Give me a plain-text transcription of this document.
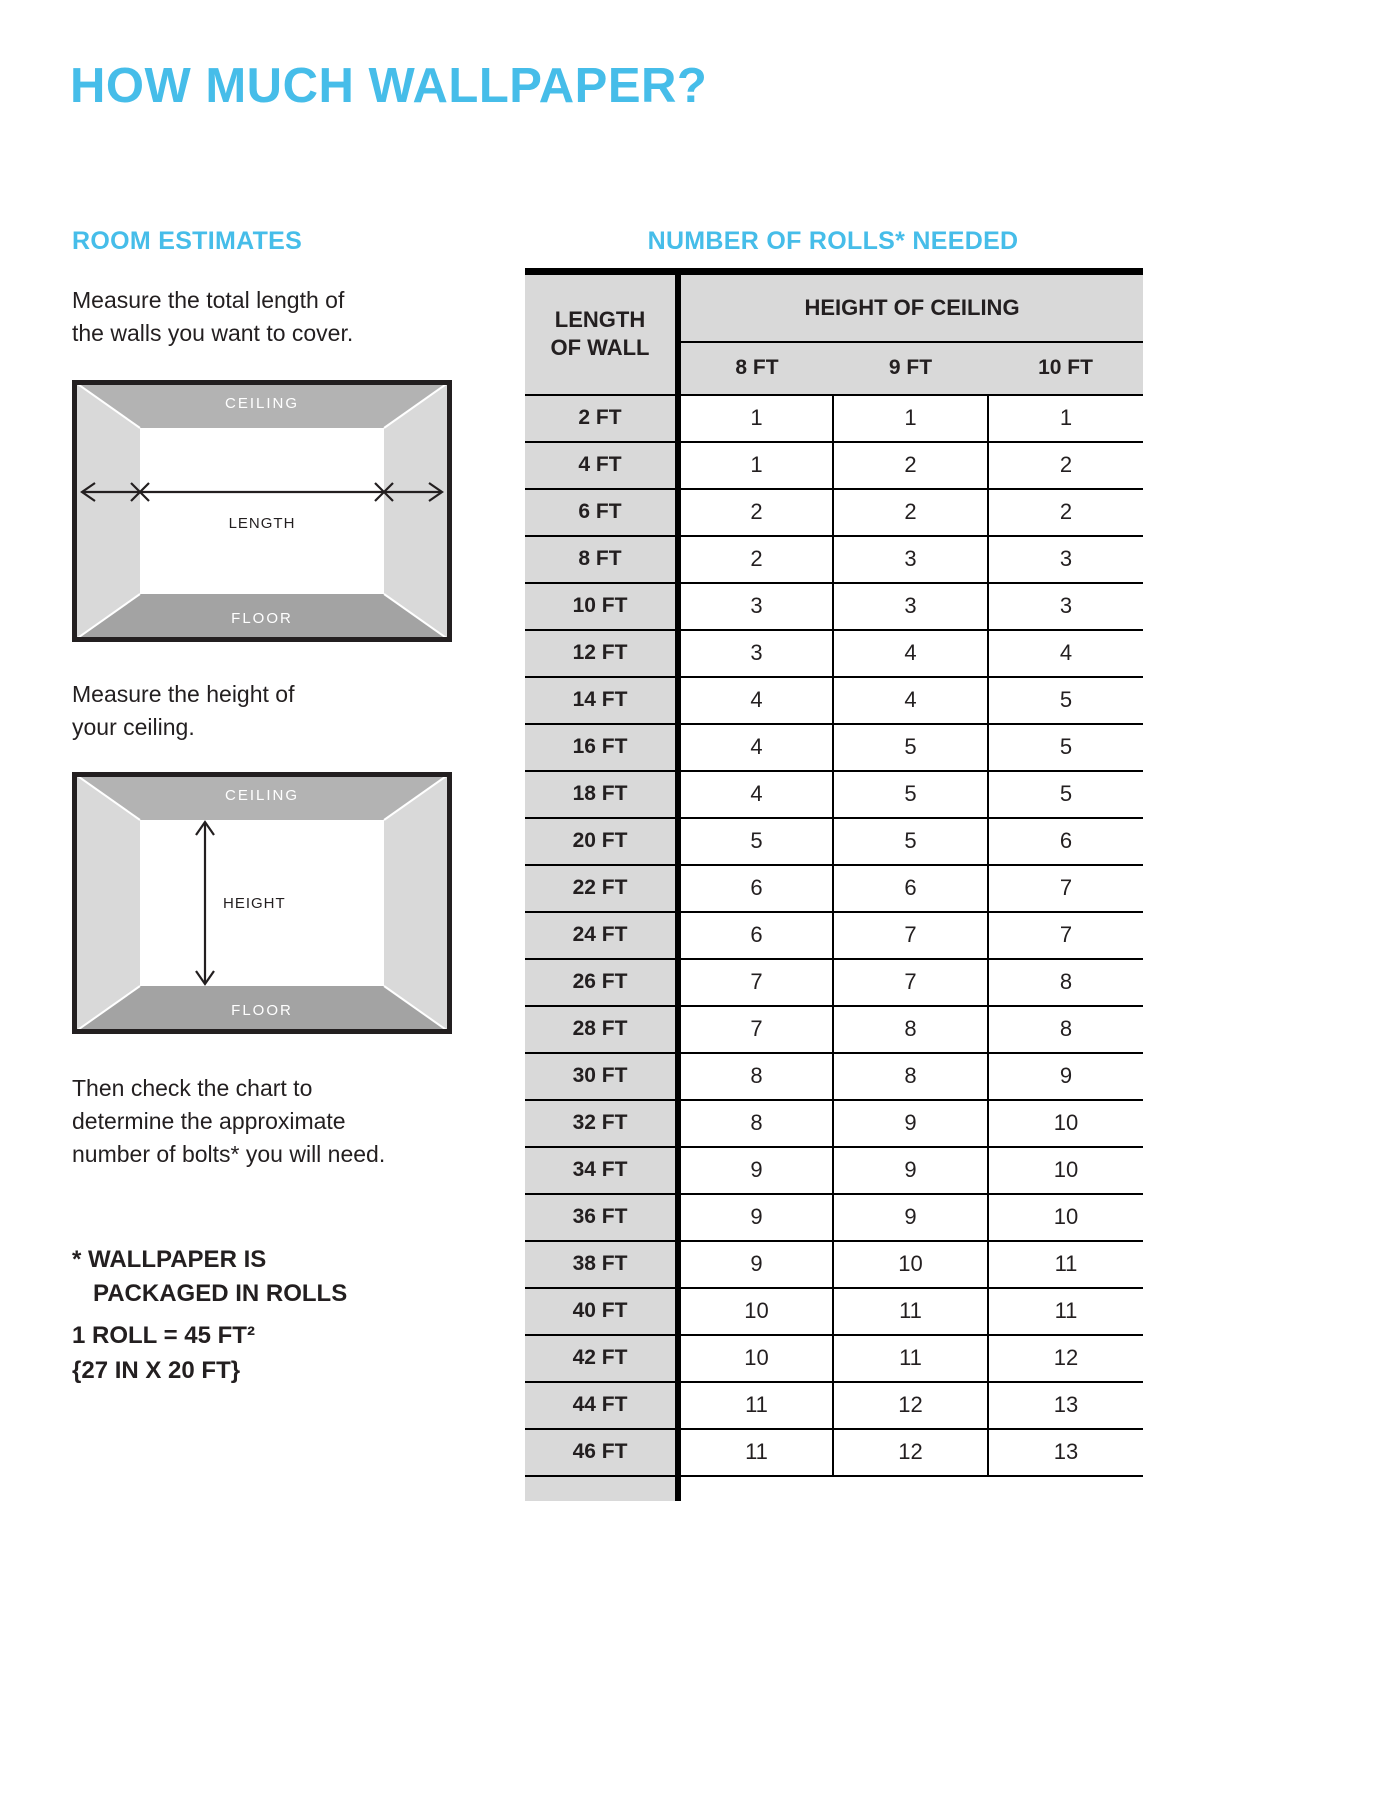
HOW MUCH WALLPAPER?
ROOM ESTIMATES

Measure the total length of
the walls you want to cover.

CEILING
FLOOR
LENGTH

Measure the height of
your ceiling.

CEILING
FLOOR
HEIGHT

Then check the chart to
determine the approximate
number of bolts* you will need.

* WALLPAPER IS
PACKAGED IN ROLLS

1 ROLL = 45 FT²
{27 IN X 20 FT}

NUMBER OF ROLLS* NEEDED
LENGTH
OF WALL	HEIGHT OF CEILING		
	8 FT	9 FT	10 FT
2 FT	1	1	1
4 FT	1	2	2
6 FT	2	2	2
8 FT	2	3	3
10 FT	3	3	3
12 FT	3	4	4
14 FT	4	4	5
16 FT	4	5	5
18 FT	4	5	5
20 FT	5	5	6
22 FT	6	6	7
24 FT	6	7	7
26 FT	7	7	8
28 FT	7	8	8
30 FT	8	8	9
32 FT	8	9	10
34 FT	9	9	10
36 FT	9	9	10
38 FT	9	10	11
40 FT	10	11	11
42 FT	10	11	12
44 FT	11	12	13
46 FT	11	12	13
